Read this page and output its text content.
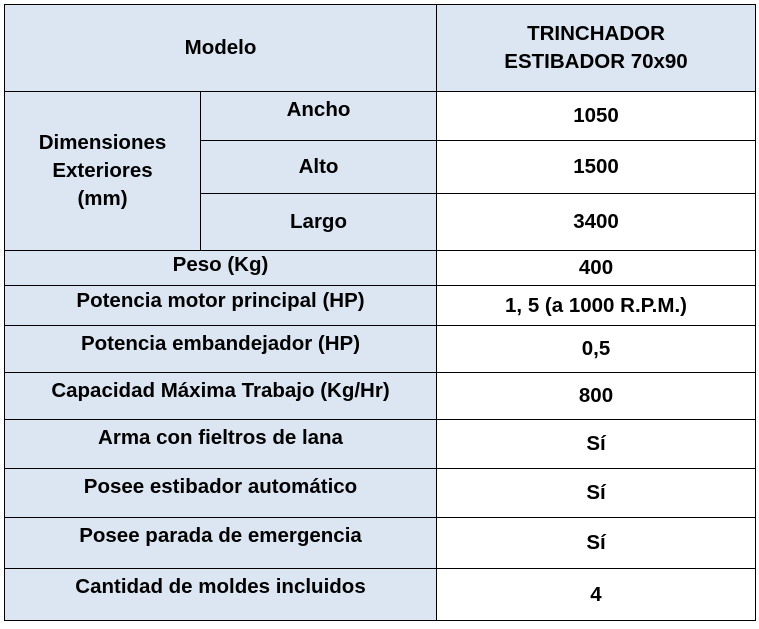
Modelo		TRINCHADOR
ESTIBADOR 70x90

Dimensiones
Exteriores
(mm)	Ancho	1050
	Alto	1500
	Largo	3400
Peso (Kg)		400
Potencia motor principal (HP)		1, 5 (a 1000 R.P.M.)
Potencia embandejador (HP)		0,5
Capacidad Máxima Trabajo (Kg/Hr)		800
Arma con fieltros de lana		Sí
Posee estibador automático		Sí
Posee parada de emergencia		Sí
Cantidad de moldes incluidos		4
